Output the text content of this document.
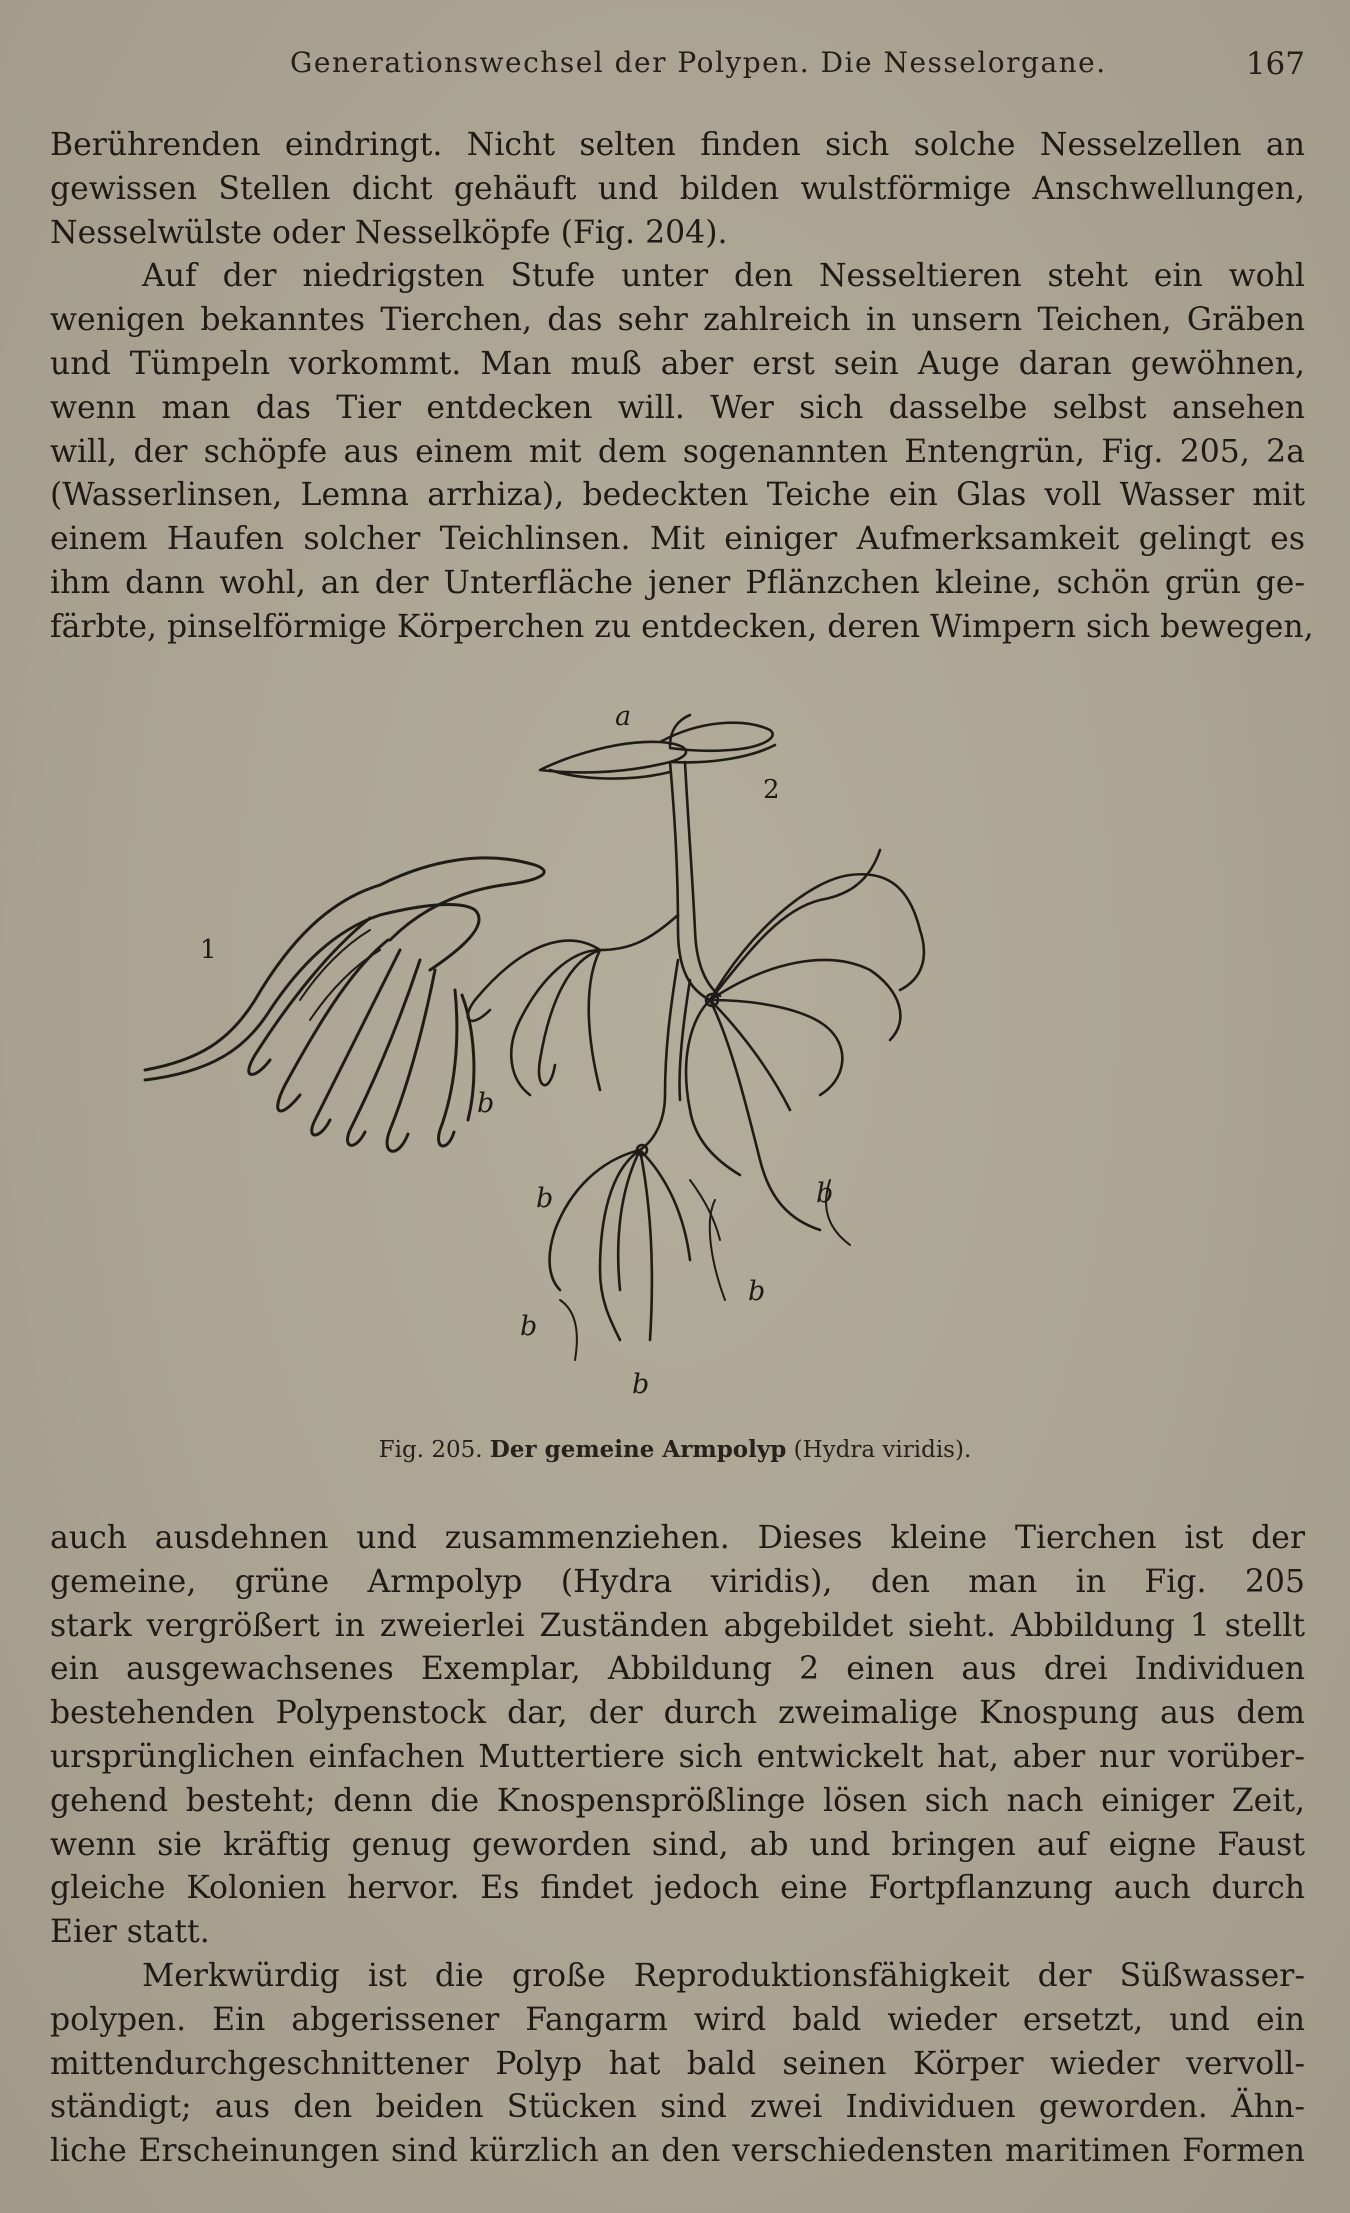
Generationswechsel der Polypen. Die Nesselorgane.	167
Berührenden eindringt. Nicht selten finden sich solche Nesselzellen an
gewissen Stellen dicht gehäuft und bilden wulstförmige Anschwellungen,
Nesselwülste oder Nesselköpfe (Fig. 204).
Auf der niedrigsten Stufe unter den Nesseltieren steht ein wohl
wenigen bekanntes Tierchen, das sehr zahlreich in unsern Teichen, Gräben
und Tümpeln vorkommt. Man muß aber erst sein Auge daran gewöhnen,
wenn man das Tier entdecken will. Wer sich dasselbe selbst ansehen
will, der schöpfe aus einem mit dem sogenannten Entengrün, Fig. 205, 2a
(Wasserlinsen, Lemna arrhiza), bedeckten Teiche ein Glas voll Wasser mit
einem Haufen solcher Teichlinsen. Mit einiger Aufmerksamkeit gelingt es
ihm dann wohl, an der Unterfläche jener Pflänzchen kleine, schön grün ge-
färbte, pinselförmige Körperchen zu entdecken, deren Wimpern sich bewegen,
1
2
a
b
b	b
b
b
b
Fig. 205. Der gemeine Armpolyp (Hydra viridis).
auch ausdehnen und zusammenziehen. Dieses kleine Tierchen ist der
gemeine, grüne Armpolyp (Hydra viridis), den man in Fig. 205
stark vergrößert in zweierlei Zuständen abgebildet sieht. Abbildung 1 stellt
ein ausgewachsenes Exemplar, Abbildung 2 einen aus drei Individuen
bestehenden Polypenstock dar, der durch zweimalige Knospung aus dem
ursprünglichen einfachen Muttertiere sich entwickelt hat, aber nur vorüber-
gehend besteht; denn die Knospensprößlinge lösen sich nach einiger Zeit,
wenn sie kräftig genug geworden sind, ab und bringen auf eigne Faust
gleiche Kolonien hervor. Es findet jedoch eine Fortpflanzung auch durch
Eier statt.
Merkwürdig ist die große Reproduktionsfähigkeit der Süßwasser-
polypen. Ein abgerissener Fangarm wird bald wieder ersetzt, und ein
mittendurchgeschnittener Polyp hat bald seinen Körper wieder vervoll-
ständigt; aus den beiden Stücken sind zwei Individuen geworden. Ähn-
liche Erscheinungen sind kürzlich an den verschiedensten maritimen Formen
